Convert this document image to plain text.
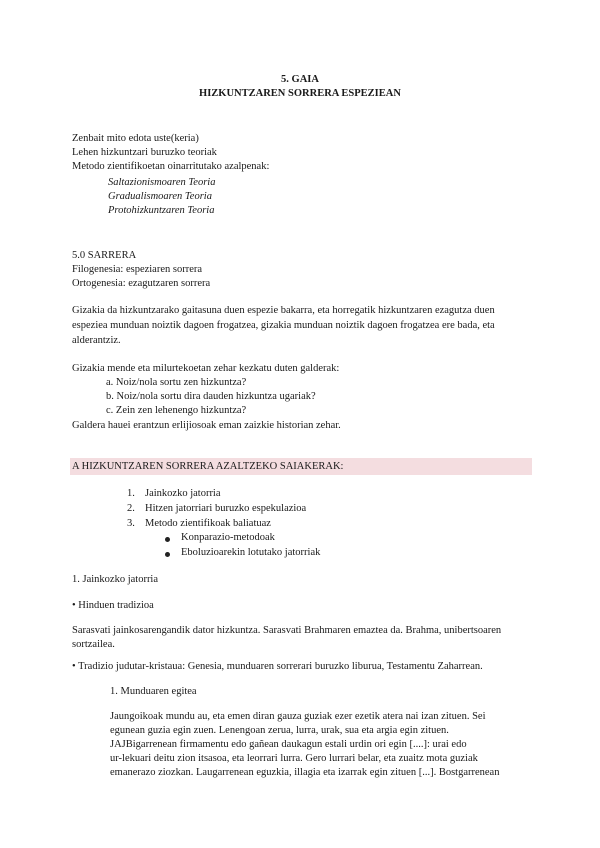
5. GAIA
HIZKUNTZAREN SORRERA ESPEZIEAN
Zenbait mito edota uste(keria)
Lehen hizkuntzari buruzko teoriak
Metodo zientifikoetan oinarritutako azalpenak:
Saltazionismoaren Teoria
Gradualismoaren Teoria
Protohizkuntzaren Teoria
5.0 SARRERA
Filogenesia: espeziaren sorrera
Ortogenesia: ezagutzaren sorrera
Gizakia da hizkuntzarako gaitasuna duen espezie bakarra, eta horregatik hizkuntzaren ezagutza duen
espeziea munduan noiztik dagoen frogatzea, gizakia munduan noiztik dagoen frogatzea ere bada, eta
alderantziz.
Gizakia mende eta milurtekoetan zehar kezkatu duten galderak:
a. Noiz/nola sortu zen hizkuntza?
b. Noiz/nola sortu dira dauden hizkuntza ugariak?
c. Zein zen lehenengo hizkuntza?
Galdera hauei erantzun erlijiosoak eman zaizkie historian zehar.
A HIZKUNTZAREN SORRERA AZALTZEKO SAIAKERAK:
1. Jainkozko jatorria
2. Hitzen jatorriari buruzko espekulazioa
3. Metodo zientifikoak baliatuaz
Konparazio-metodoak
Eboluzioarekin lotutako jatorriak
1. Jainkozko jatorria
• Hinduen tradizioa
Sarasvati jainkosarengandik dator hizkuntza. Sarasvati Brahmaren emaztea da. Brahma, unibertsoaren
sortzailea.
• Tradizio judutar-kristaua: Genesia, munduaren sorrerari buruzko liburua, Testamentu Zaharrean.
1. Munduaren egitea
Jaungoikoak mundu au, eta emen diran gauza guziak ezer ezetik atera nai izan zituen. Sei
egunean guzia egin zuen. Lenengoan zerua, lurra, urak, sua eta argia egin zituen.
JAJBigarrenean firmamentu edo gañean daukagun estali urdin ori egin [....]: urai edo
ur-lekuari deitu zion itsasoa, eta leorrari lurra. Gero lurrari belar, eta zuaitz mota guziak
emanerazo ziozkan. Laugarrenean eguzkia, illagia eta izarrak egin zituen [...]. Bostgarrenean
